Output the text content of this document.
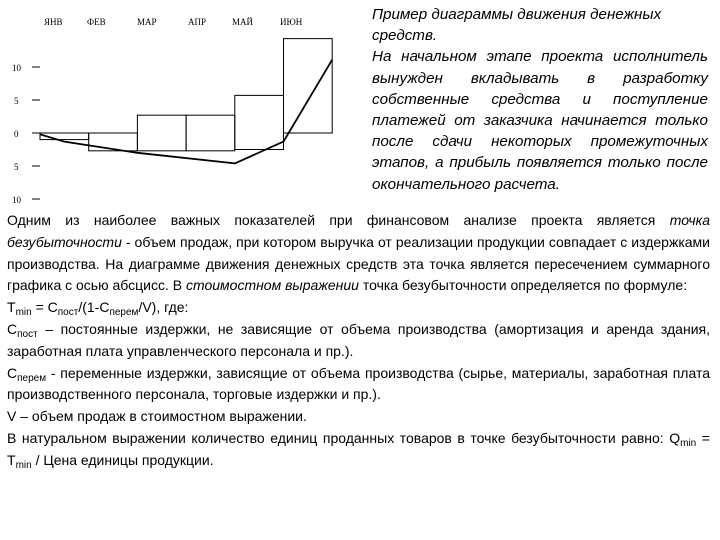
ЯНВ	ФЕВ	МАР	АПР	МАЙ	ИЮН
10
5
0
5
10
Пример диаграммы движения денежных средств.
На начальном этапе проекта исполнитель вынужден вкладывать в разработку собственные средства и поступление платежей от заказчика начинается только после сдачи некоторых промежуточных этапов, а прибыль появляется только после окончательного расчета.

Одним из наиболее важных показателей при финансовом анализе проекта является точка безубыточности - объем продаж, при котором выручка от реализации продукции совпадает с издержками производства. На диаграмме движения денежных средств эта точка является пересечением суммарного графика с осью абсцисс. В стоимостном выражении точка безубыточности определяется по формуле:

$T_{min} = C_{пост}/(1-C_{перем}/V)$, где:

$C_{пост}$ – постоянные издержки, не зависящие от объема производства (амортизация и аренда здания, заработная плата управленческого персонала и пр.).

$C_{перем}$ - переменные издержки, зависящие от объема производства (сырье, материалы, заработная плата производственного персонала, торговые издержки и пр.).

V – объем продаж в стоимостном выражении.

В натуральном выражении количество единиц проданных товаров в точке безубыточности равно: $Q_{min} = T_{min}$ / Цена единицы продукции.
